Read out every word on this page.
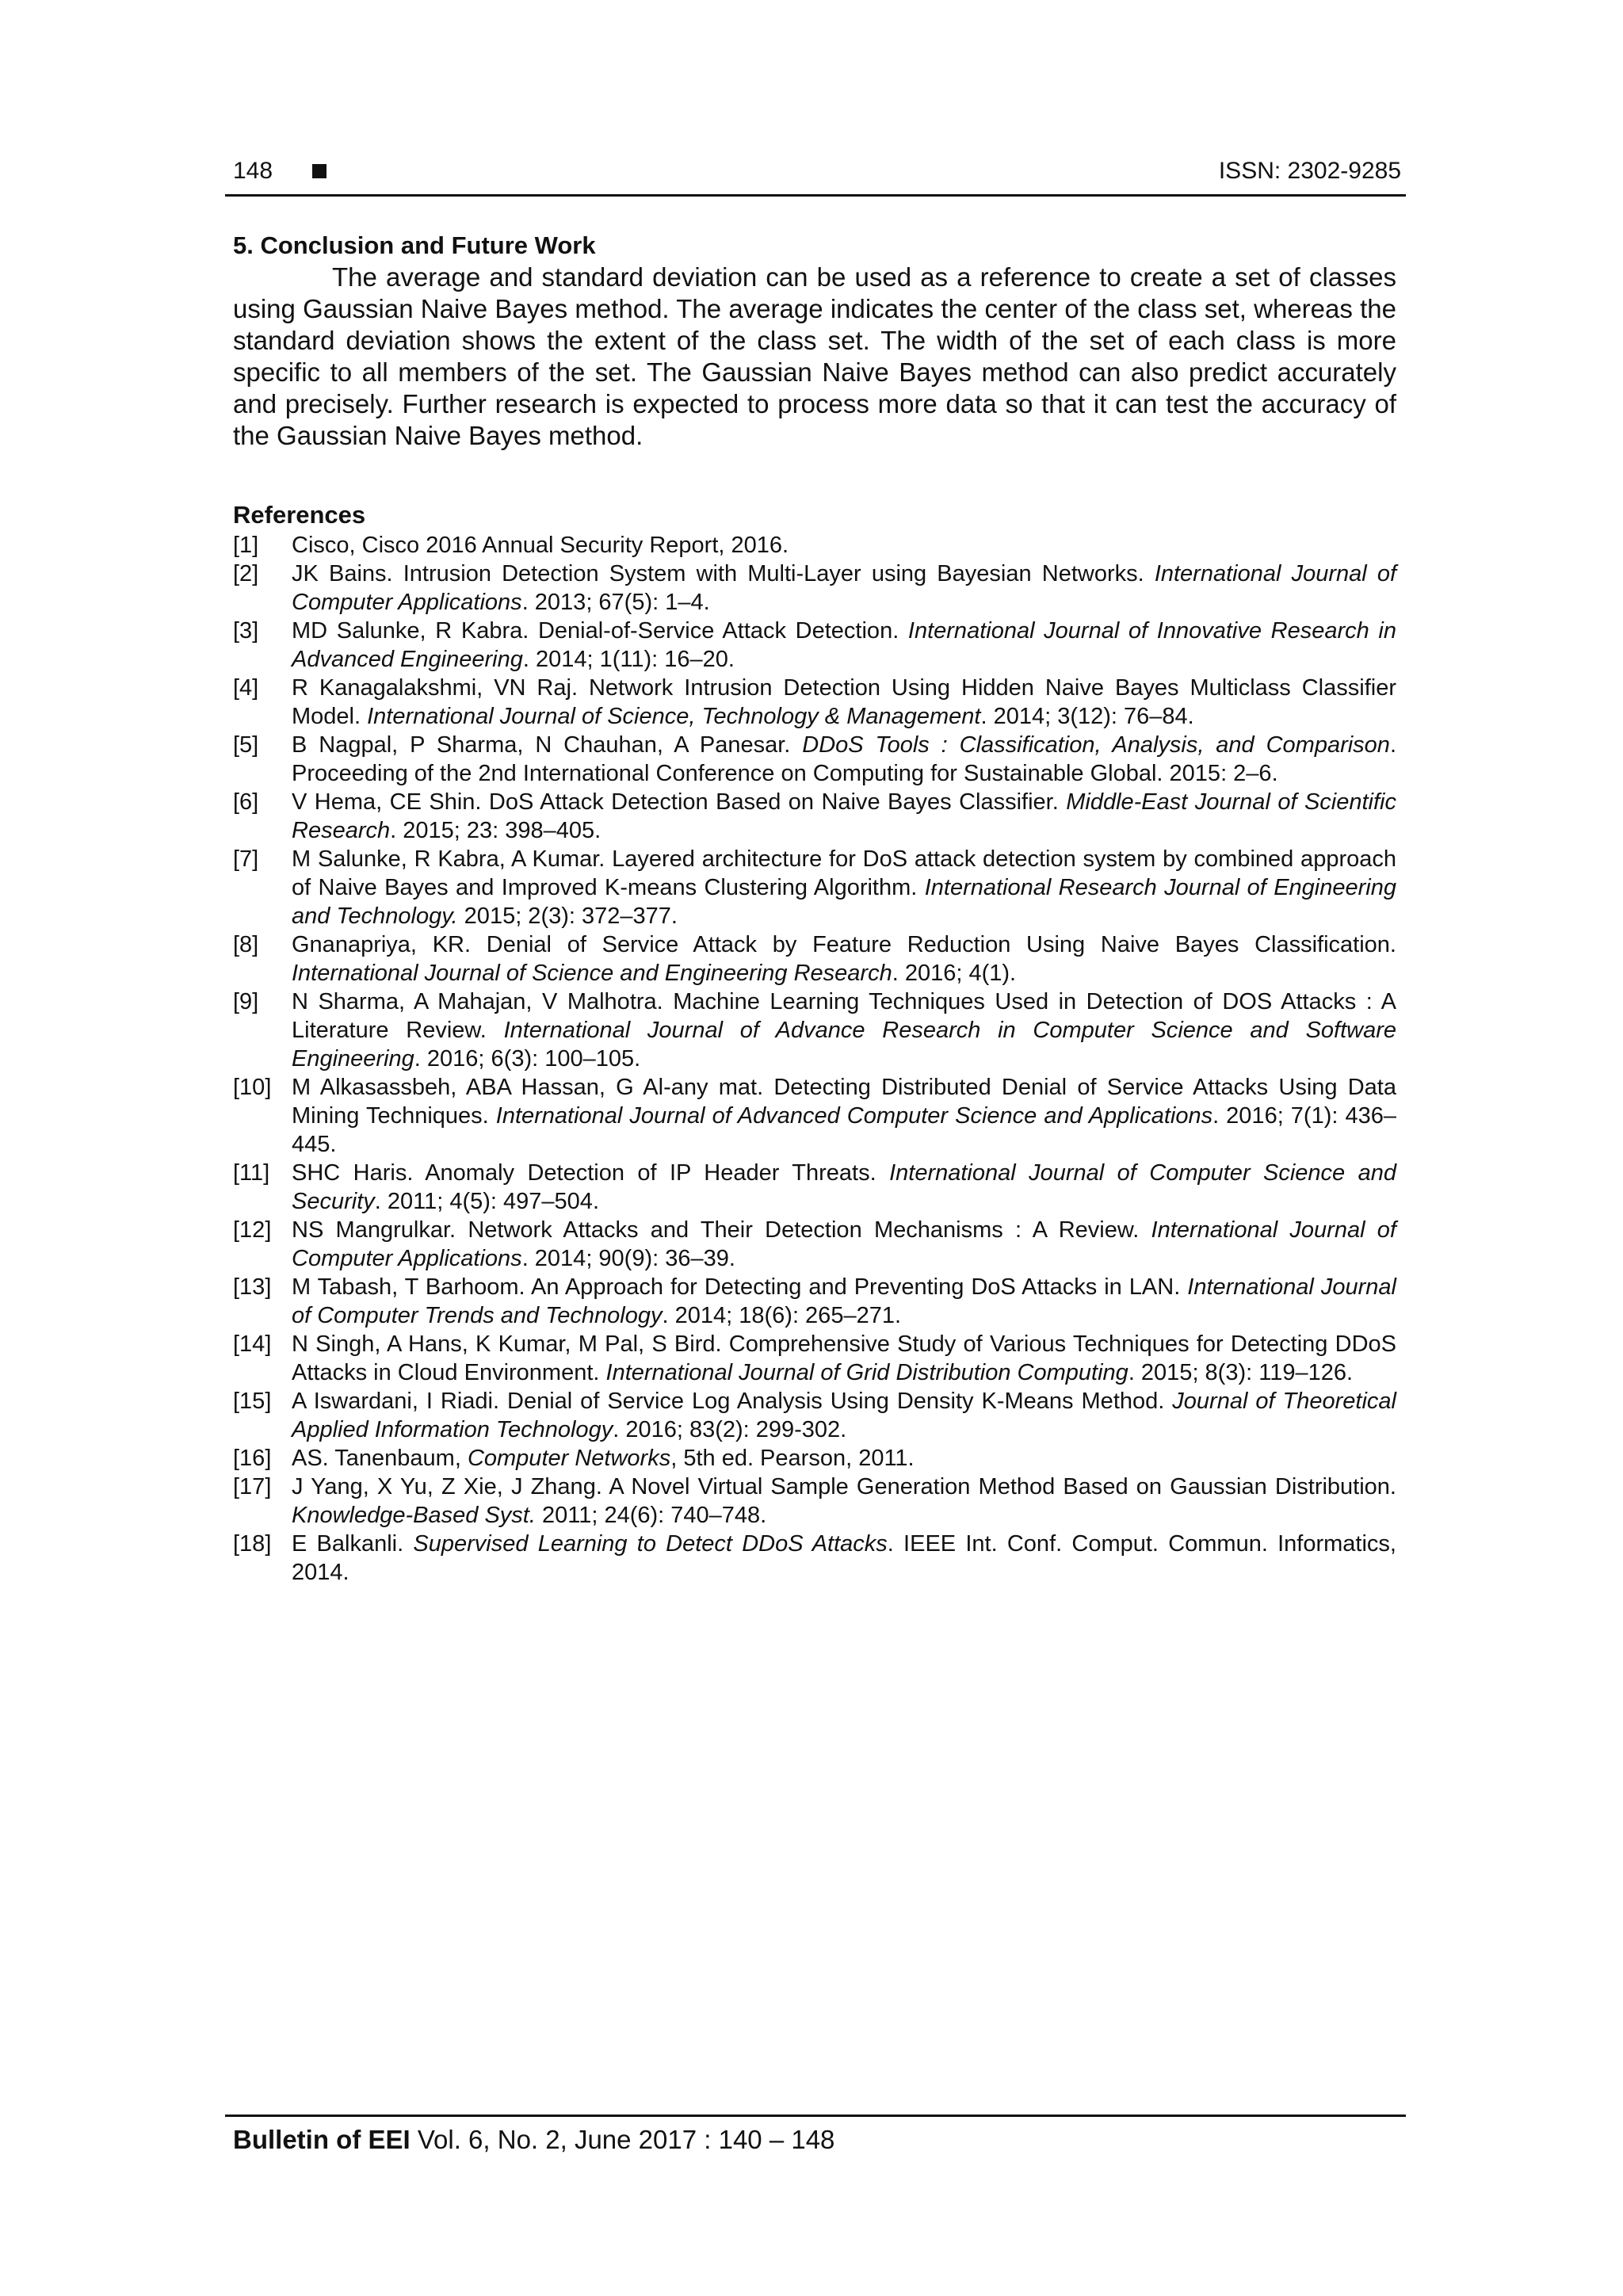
148	ISSN: 2302-9285

5. Conclusion and Future Work

The average and standard deviation can be used as a reference to create a set of classes using Gaussian Naive Bayes method. The average indicates the center of the class set, whereas the standard deviation shows the extent of the class set. The width of the set of each class is more specific to all members of the set. The Gaussian Naive Bayes method can also predict accurately and precisely. Further research is expected to process more data so that it can test the accuracy of the Gaussian Naive Bayes method.

References

[1] Cisco, Cisco 2016 Annual Security Report, 2016.

[2] JK Bains. Intrusion Detection System with Multi-Layer using Bayesian Networks. International Journal of Computer Applications. 2013; 67(5): 1–4.

[3] MD Salunke, R Kabra. Denial-of-Service Attack Detection. International Journal of Innovative Research in Advanced Engineering. 2014; 1(11): 16–20.

[4] R Kanagalakshmi, VN Raj. Network Intrusion Detection Using Hidden Naive Bayes Multiclass Classifier Model. International Journal of Science, Technology & Management. 2014; 3(12): 76–84.

[5] B Nagpal, P Sharma, N Chauhan, A Panesar. DDoS Tools : Classification, Analysis, and Comparison. Proceeding of the 2nd International Conference on Computing for Sustainable Global. 2015: 2–6.

[6] V Hema, CE Shin. DoS Attack Detection Based on Naive Bayes Classifier. Middle-East Journal of Scientific Research. 2015; 23: 398–405.

[7] M Salunke, R Kabra, A Kumar. Layered architecture for DoS attack detection system by combined approach of Naive Bayes and Improved K-means Clustering Algorithm. International Research Journal of Engineering and Technology. 2015; 2(3): 372–377.

[8] Gnanapriya, KR. Denial of Service Attack by Feature Reduction Using Naive Bayes Classification. International Journal of Science and Engineering Research. 2016; 4(1).

[9] N Sharma, A Mahajan, V Malhotra. Machine Learning Techniques Used in Detection of DOS Attacks : A Literature Review. International Journal of Advance Research in Computer Science and Software Engineering. 2016; 6(3): 100–105.

[10] M Alkasassbeh, ABA Hassan, G Al-any mat. Detecting Distributed Denial of Service Attacks Using Data Mining Techniques. International Journal of Advanced Computer Science and Applications. 2016; 7(1): 436–445.

[11] SHC Haris. Anomaly Detection of IP Header Threats. International Journal of Computer Science and Security. 2011; 4(5): 497–504.

[12] NS Mangrulkar. Network Attacks and Their Detection Mechanisms : A Review. International Journal of Computer Applications. 2014; 90(9): 36–39.

[13] M Tabash, T Barhoom. An Approach for Detecting and Preventing DoS Attacks in LAN. International Journal of Computer Trends and Technology. 2014; 18(6): 265–271.

[14] N Singh, A Hans, K Kumar, M Pal, S Bird. Comprehensive Study of Various Techniques for Detecting DDoS Attacks in Cloud Environment. International Journal of Grid Distribution Computing. 2015; 8(3): 119–126.

[15] A Iswardani, I Riadi. Denial of Service Log Analysis Using Density K-Means Method. Journal of Theoretical Applied Information Technology. 2016; 83(2): 299-302.

[16] AS. Tanenbaum, Computer Networks, 5th ed. Pearson, 2011.

[17] J Yang, X Yu, Z Xie, J Zhang. A Novel Virtual Sample Generation Method Based on Gaussian Distribution. Knowledge-Based Syst. 2011; 24(6): 740–748.

[18] E Balkanli. Supervised Learning to Detect DDoS Attacks. IEEE Int. Conf. Comput. Commun. Informatics, 2014.

Bulletin of EEI Vol. 6, No. 2, June 2017 : 140 – 148
